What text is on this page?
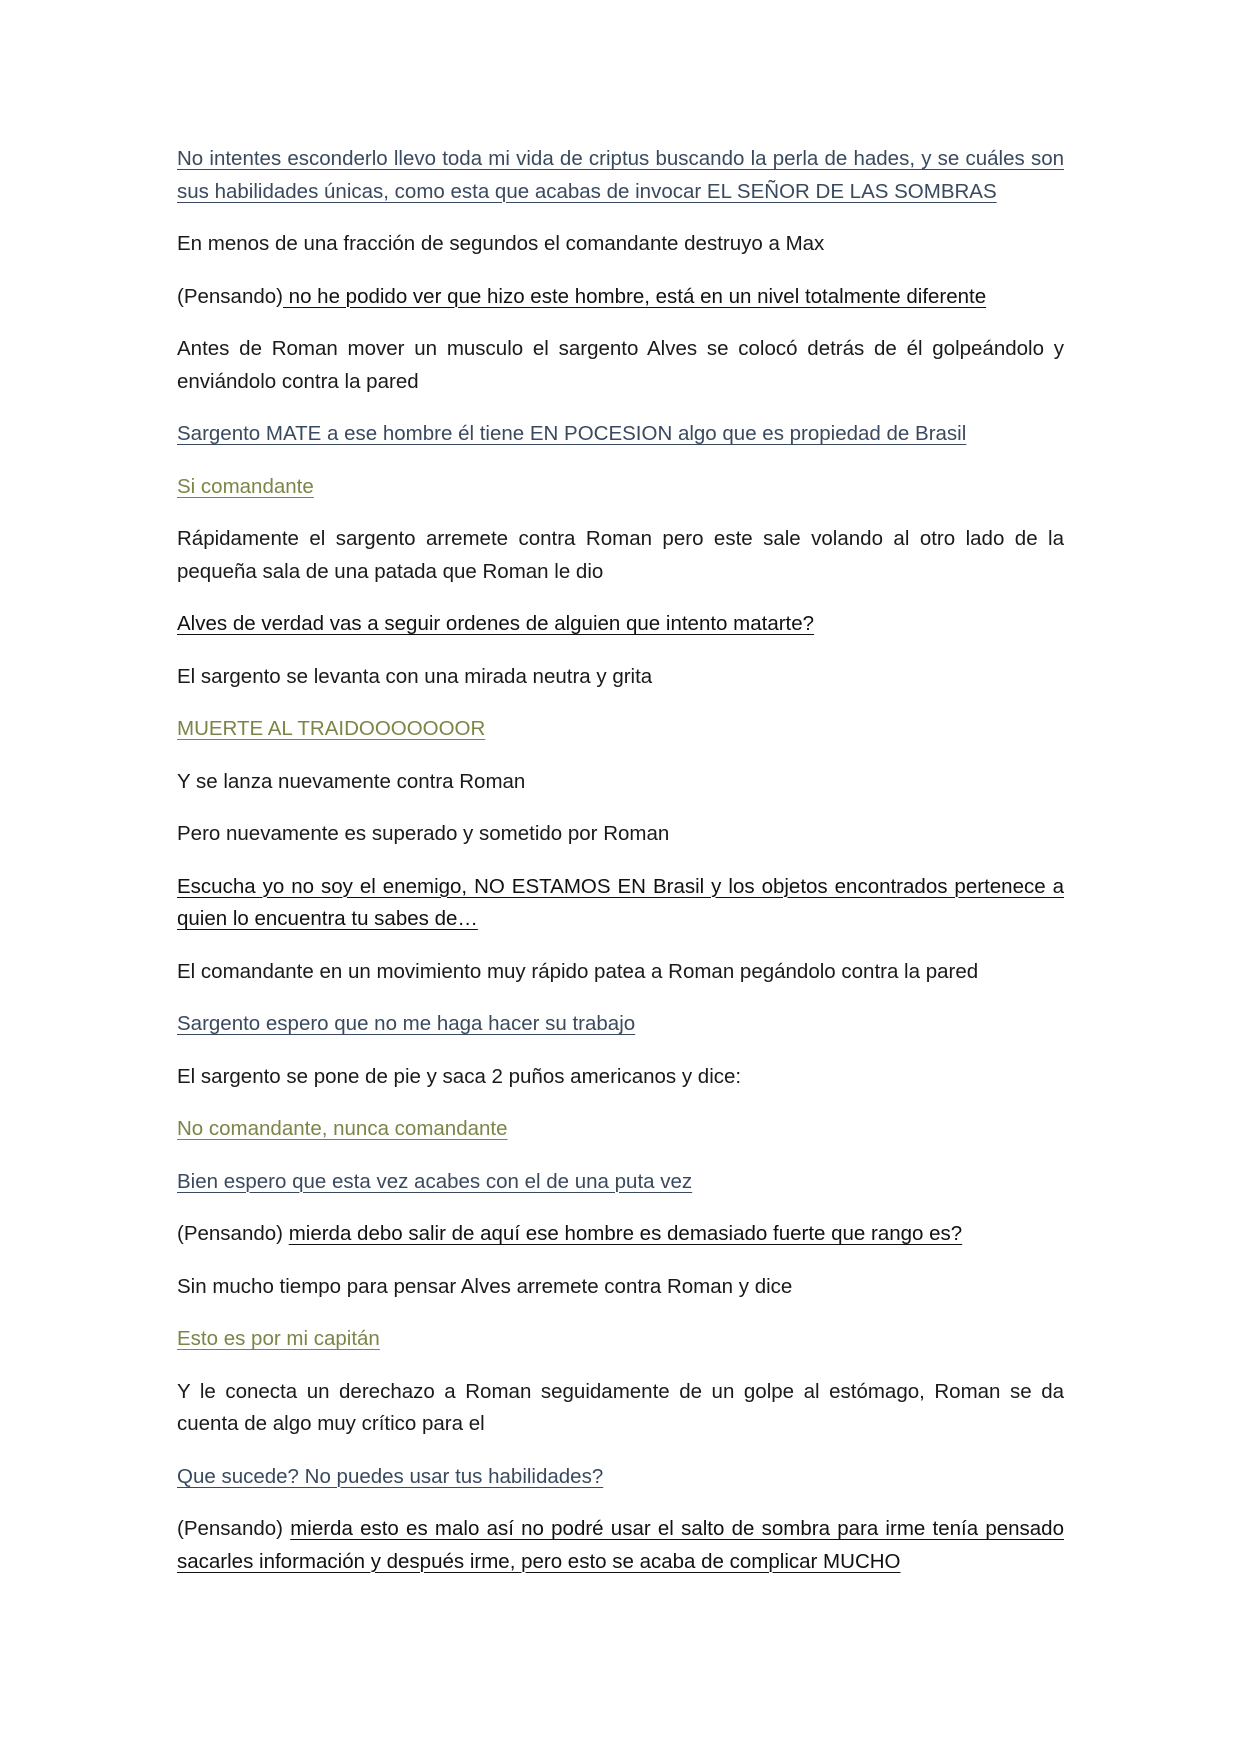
No intentes esconderlo llevo toda mi vida de criptus buscando la perla de hades, y se cuáles son sus habilidades únicas, como esta que acabas de invocar EL SEÑOR DE LAS SOMBRAS

En menos de una fracción de segundos el comandante destruyo a Max

(Pensando) no he podido ver que hizo este hombre, está en un nivel totalmente diferente

Antes de Roman mover un musculo el sargento Alves se colocó detrás de él golpeándolo y enviándolo contra la pared

Sargento MATE a ese hombre él tiene EN POCESION algo que es propiedad de Brasil

Si comandante

Rápidamente el sargento arremete contra Roman pero este sale volando al otro lado de la pequeña sala de una patada que Roman le dio

Alves de verdad vas a seguir ordenes de alguien que intento matarte?

El sargento se levanta con una mirada neutra y grita

MUERTE AL TRAIDOOOOOOOR

Y se lanza nuevamente contra Roman

Pero nuevamente es superado y sometido por Roman

Escucha yo no soy el enemigo, NO ESTAMOS EN Brasil y los objetos encontrados pertenece a quien lo encuentra tu sabes de…

El comandante en un movimiento muy rápido patea a Roman pegándolo contra la pared

Sargento espero que no me haga hacer su trabajo

El sargento se pone de pie y saca 2 puños americanos y dice:

No comandante, nunca comandante

Bien espero que esta vez acabes con el de una puta vez

(Pensando) mierda debo salir de aquí ese hombre es demasiado fuerte que rango es?

Sin mucho tiempo para pensar Alves arremete contra Roman y dice

Esto es por mi capitán

Y le conecta un derechazo a Roman seguidamente de un golpe al estómago, Roman se da cuenta de algo muy crítico para el

Que sucede? No puedes usar tus habilidades?

(Pensando) mierda esto es malo así no podré usar el salto de sombra para irme tenía pensado sacarles información y después irme, pero esto se acaba de complicar MUCHO
